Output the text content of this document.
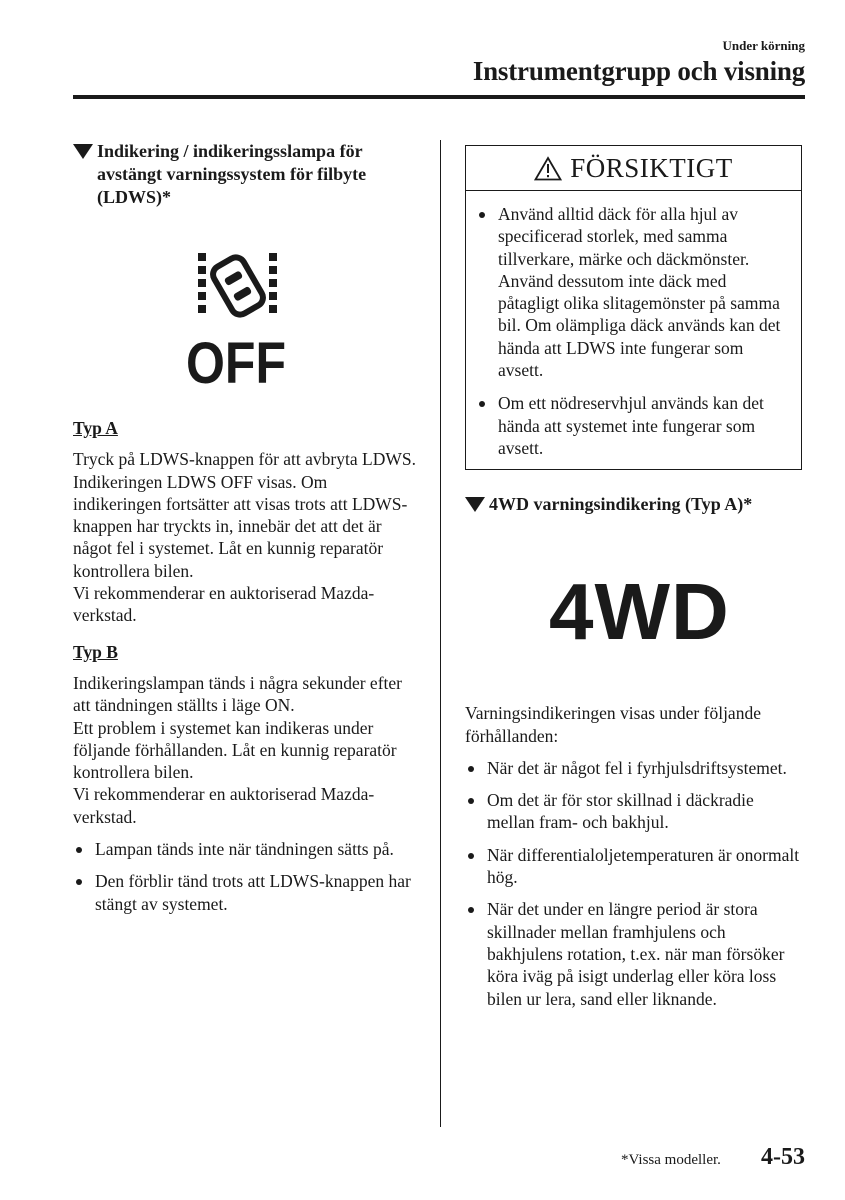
Under körning
Instrumentgrupp och visning
Indikering / indikeringsslampa för avstängt varningssystem för filbyte (LDWS)*
OFF
Typ A

Tryck på LDWS-knappen för att avbryta LDWS. Indikeringen LDWS OFF visas. Om indikeringen fortsätter att visas trots att LDWS-knappen har tryckts in, innebär det att det är något fel i systemet. Låt en kunnig reparatör kontrollera bilen.

Vi rekommenderar en auktoriserad Mazda-verkstad.

Typ B

Indikeringslampan tänds i några sekunder efter att tändningen ställts i läge ON.

Ett problem i systemet kan indikeras under följande förhållanden. Låt en kunnig reparatör kontrollera bilen.

Vi rekommenderar en auktoriserad Mazda-verkstad.

Lampan tänds inte när tändningen sätts på.
Den förblir tänd trots att LDWS-knappen har stängt av systemet.
FÖRSIKTIGT
Använd alltid däck för alla hjul av specificerad storlek, med samma tillverkare, märke och däckmönster. Använd dessutom inte däck med påtagligt olika slitagemönster på samma bil. Om olämpliga däck används kan det hända att LDWS inte fungerar som avsett.
Om ett nödreservhjul används kan det hända att systemet inte fungerar som avsett.
4WD varningsindikering (Typ A)*
4WD

Varningsindikeringen visas under följande förhållanden:

När det är något fel i fyrhjulsdriftsystemet.
Om det är för stor skillnad i däckradie mellan fram- och bakhjul.
När differentialoljetemperaturen är onormalt hög.
När det under en längre period är stora skillnader mellan framhjulens och bakhjulens rotation, t.ex. när man försöker köra iväg på isigt underlag eller köra loss bilen ur lera, sand eller liknande.
*Vissa modeller. 4-53
